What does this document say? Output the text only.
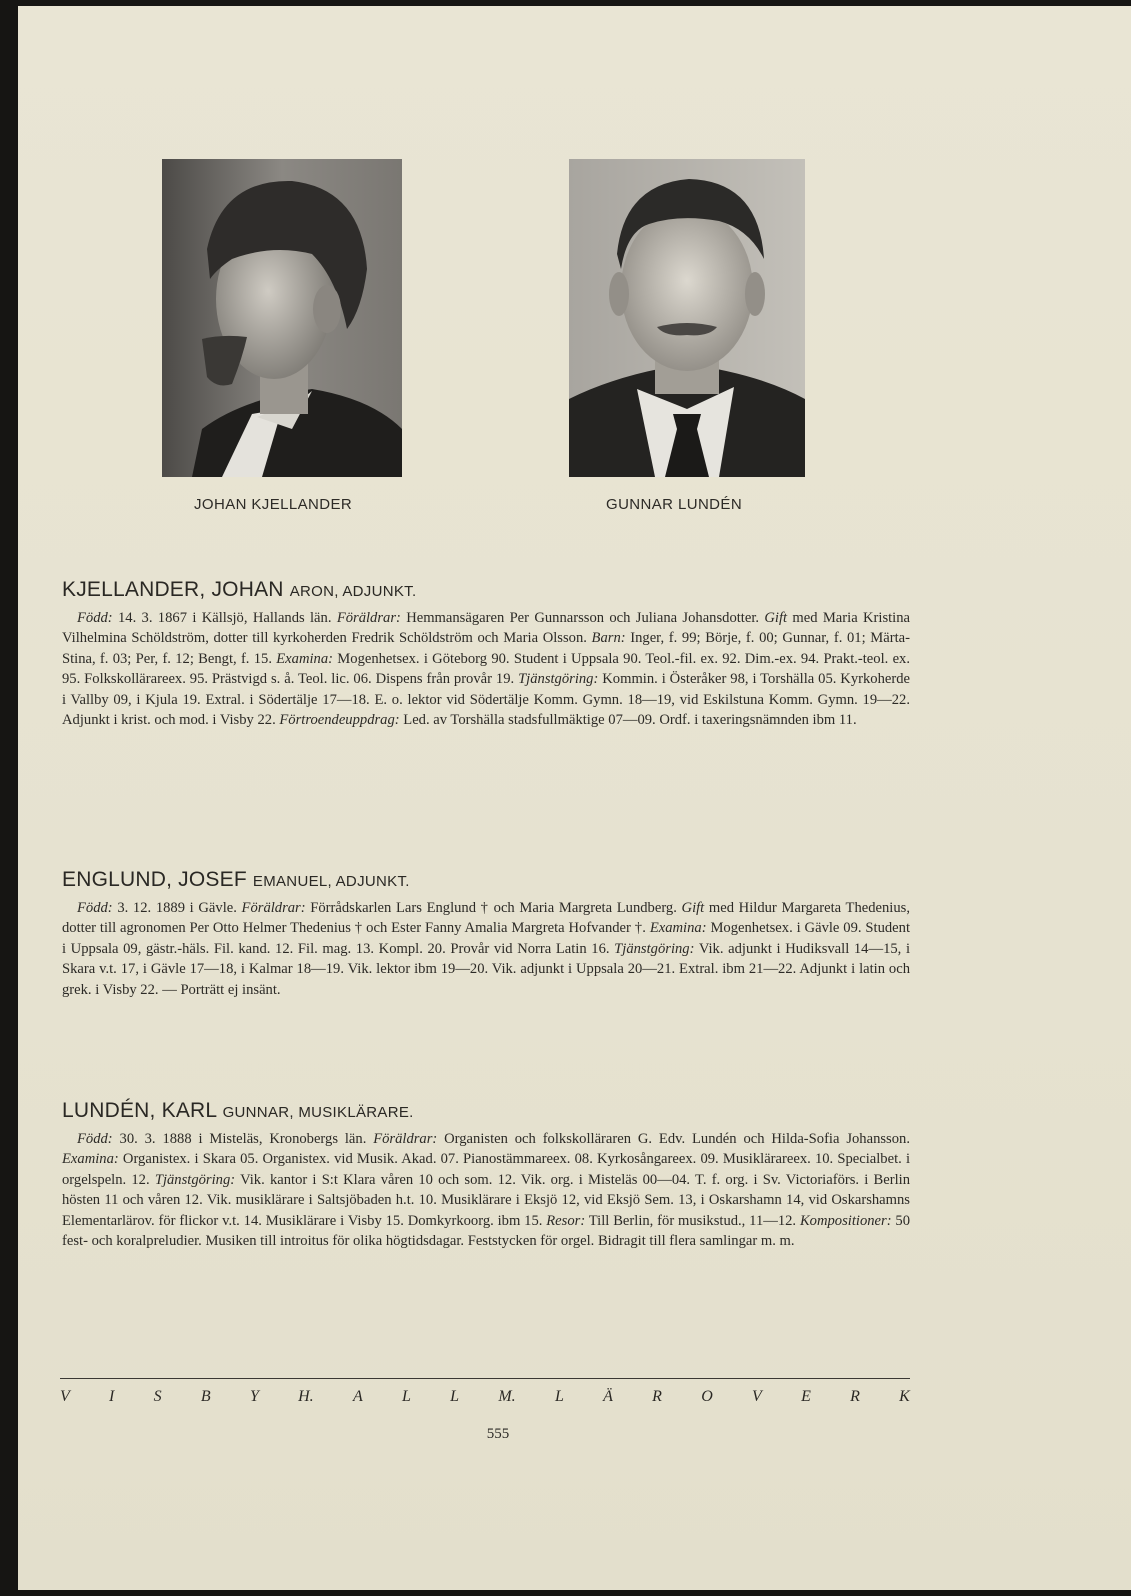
JOHAN KJELLANDER	GUNNAR LUNDÉN
KJELLANDER, JOHAN ARON, ADJUNKT.

Född: 14. 3. 1867 i Källsjö, Hallands län. Föräldrar: Hemmansägaren Per Gunnarsson och Juliana Johansdotter. Gift med Maria Kristina Vilhelmina Schöldström, dotter till kyrkoherden Fredrik Schöldström och Maria Olsson. Barn: Inger, f. 99; Börje, f. 00; Gunnar, f. 01; Märta-Stina, f. 03; Per, f. 12; Bengt, f. 15. Examina: Mogenhetsex. i Göteborg 90. Student i Uppsala 90. Teol.-fil. ex. 92. Dim.-ex. 94. Prakt.-teol. ex. 95. Folkskollärareex. 95. Prästvigd s. å. Teol. lic. 06. Dispens från provår 19. Tjänstgöring: Kommin. i Österåker 98, i Torshälla 05. Kyrkoherde i Vallby 09, i Kjula 19. Extral. i Södertälje 17—18. E. o. lektor vid Södertälje Komm. Gymn. 18—19, vid Eskilstuna Komm. Gymn. 19—22. Adjunkt i krist. och mod. i Visby 22. Förtroendeuppdrag: Led. av Torshälla stadsfullmäktige 07—09. Ordf. i taxeringsnämnden ibm 11.

ENGLUND, JOSEF EMANUEL, ADJUNKT.

Född: 3. 12. 1889 i Gävle. Föräldrar: Förrådskarlen Lars Englund † och Maria Margreta Lundberg. Gift med Hildur Margareta Thedenius, dotter till agronomen Per Otto Helmer Thedenius † och Ester Fanny Amalia Margreta Hofvander †. Examina: Mogenhetsex. i Gävle 09. Student i Uppsala 09, gästr.-häls. Fil. kand. 12. Fil. mag. 13. Kompl. 20. Provår vid Norra Latin 16. Tjänstgöring: Vik. adjunkt i Hudiksvall 14—15, i Skara v.t. 17, i Gävle 17—18, i Kalmar 18—19. Vik. lektor ibm 19—20. Vik. adjunkt i Uppsala 20—21. Extral. ibm 21—22. Adjunkt i latin och grek. i Visby 22. — Porträtt ej insänt.

LUNDÉN, KARL GUNNAR, MUSIKLÄRARE.

Född: 30. 3. 1888 i Misteläs, Kronobergs län. Föräldrar: Organisten och folkskolläraren G. Edv. Lundén och Hilda-Sofia Johansson. Examina: Organistex. i Skara 05. Organistex. vid Musik. Akad. 07. Pianostämmareex. 08. Kyrkosångareex. 09. Musiklärareex. 10. Specialbet. i orgelspeln. 12. Tjänstgöring: Vik. kantor i S:t Klara våren 10 och som. 12. Vik. org. i Misteläs 00—04. T. f. org. i Sv. Victoriaförs. i Berlin hösten 11 och våren 12. Vik. musiklärare i Saltsjöbaden h.t. 10. Musiklärare i Eksjö 12, vid Eksjö Sem. 13, i Oskarshamn 14, vid Oskarshamns Elementarlärov. för flickor v.t. 14. Musiklärare i Visby 15. Domkyrkoorg. ibm 15. Resor: Till Berlin, för musikstud., 11—12. Kompositioner: 50 fest- och koralpreludier. Musiken till introitus för olika högtidsdagar. Feststycken för orgel. Bidragit till flera samlingar m. m.

V I S B Y H. A L L M. L Ä R O V E R K
555
